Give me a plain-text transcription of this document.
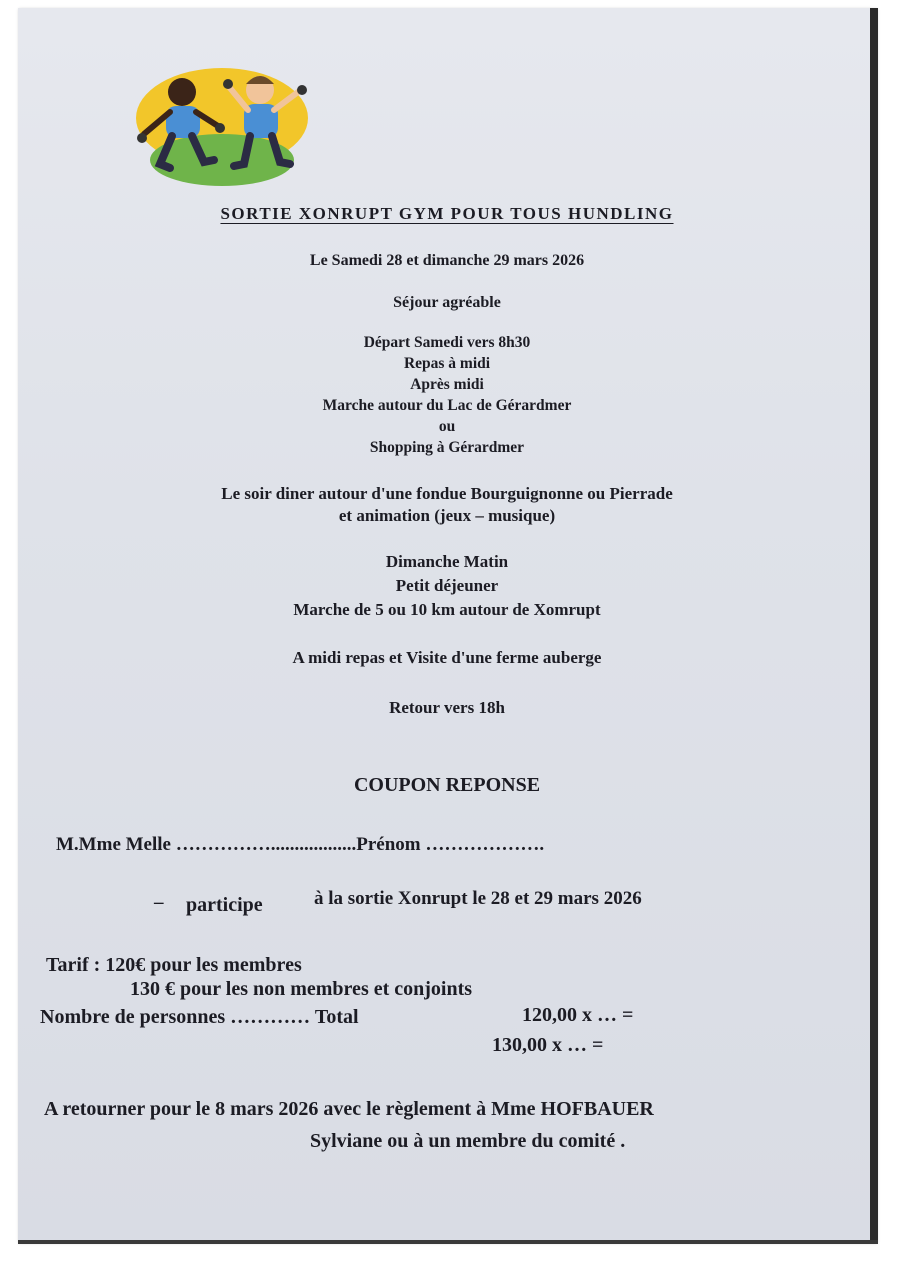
SORTIE XONRUPT GYM POUR TOUS HUNDLING
Le Samedi 28 et dimanche 29 mars 2026
Séjour agréable
Départ Samedi vers 8h30
Repas à midi
Après midi
Marche autour du Lac de Gérardmer
ou
Shopping à Gérardmer
Le soir diner autour d'une fondue Bourguignonne ou Pierrade
et animation (jeux – musique)
Dimanche Matin
Petit déjeuner
Marche de 5 ou 10 km autour de Xomrupt
A midi repas et Visite d'une ferme auberge
Retour vers 18h
COUPON REPONSE
M.Mme Melle ……………..................Prénom ……………….
– participe	à la sortie Xonrupt le 28 et 29 mars 2026
Tarif : 120€ pour les membres
130 € pour les non membres et conjoints
Nombre de personnes ………… Total	120,00 x … =
130,00 x … =
A retourner pour le 8 mars 2026 avec le règlement à Mme HOFBAUER
Sylviane ou à un membre du comité .
